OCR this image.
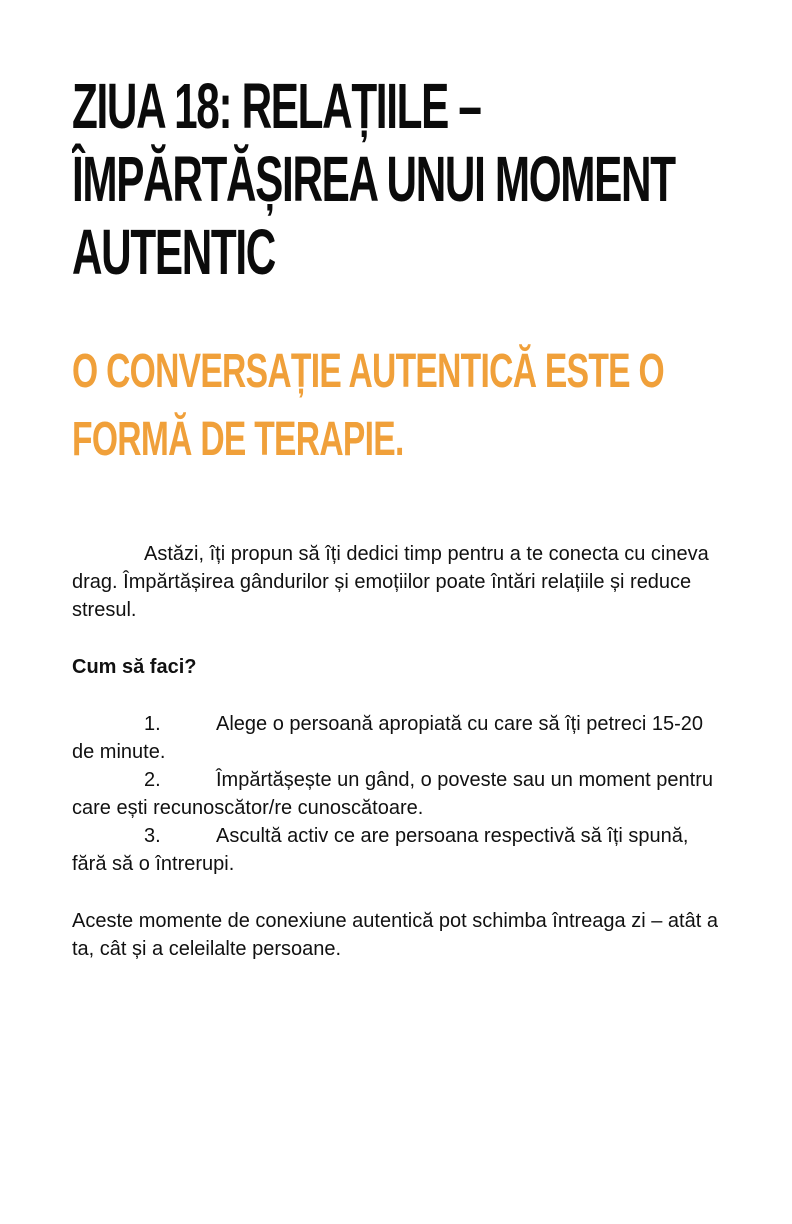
ZIUA 18: RELAȚIILE –
ÎMPĂRTĂȘIREA UNUI MOMENT
AUTENTIC
O CONVERSAȚIE AUTENTICĂ ESTE O
FORMĂ DE TERAPIE.

Astăzi, îți propun să îți dedici timp pentru a te conecta cu cineva drag. Împărtășirea gândurilor și emoțiilor poate întări relațiile și reduce stresul.

Cum să faci?

1.	Alege o persoană apropiată cu care să îți petreci 15-20 de minute.

2.	Împărtășește un gând, o poveste sau un moment pentru care ești recunoscător/re cunoscătoare.

3.	Ascultă activ ce are persoana respectivă să îți spună, fără să o întrerupi.

Aceste momente de conexiune autentică pot schimba întreaga zi – atât a ta, cât și a celeilalte persoane.
